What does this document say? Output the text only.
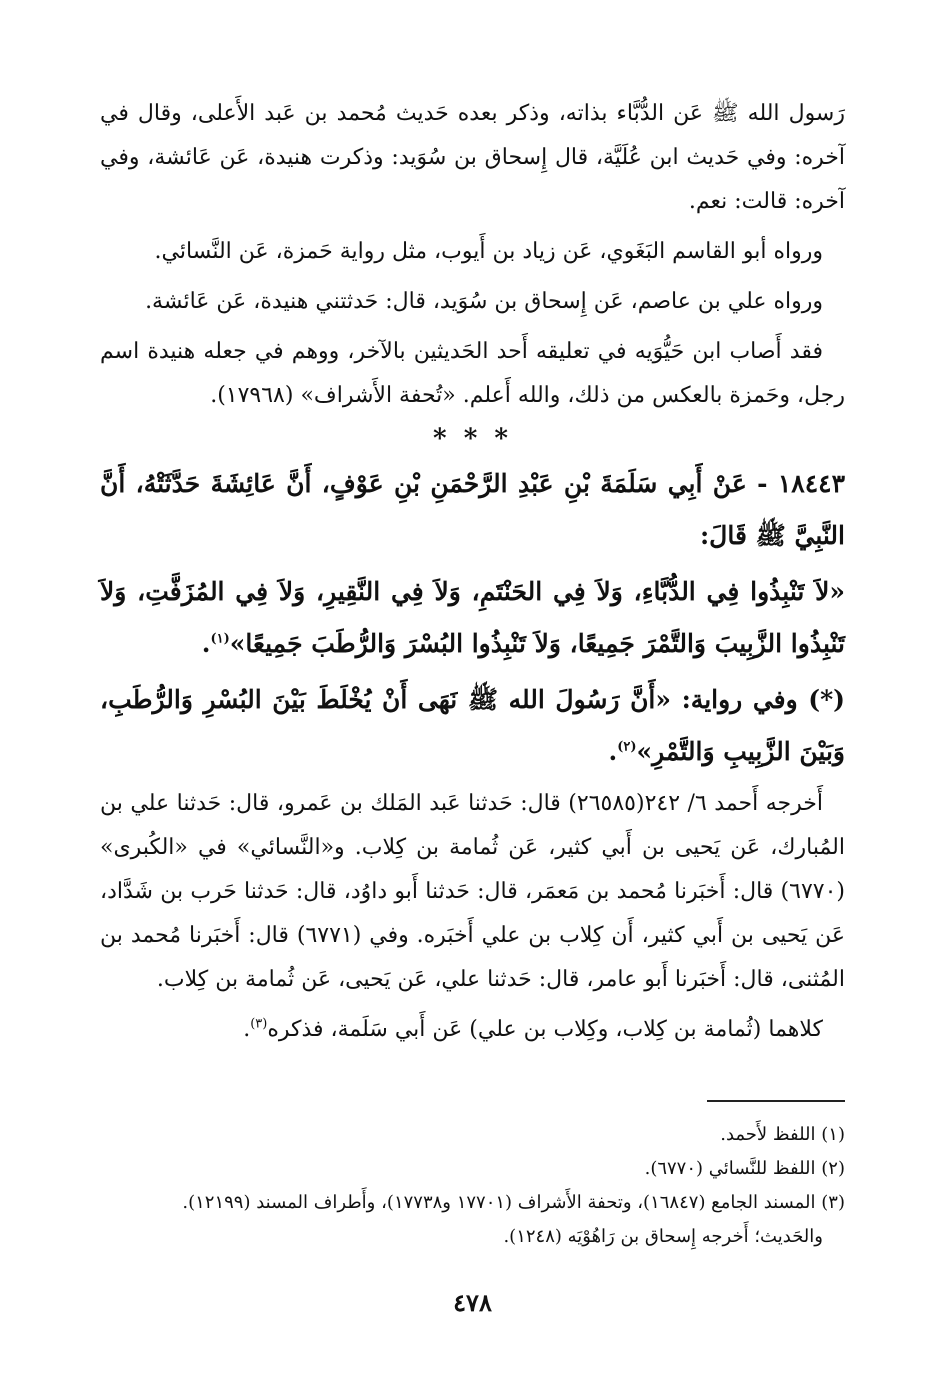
رَسول الله ﷺ عَن الدُّبَّاء بذاته، وذكر بعده حَديث مُحمد بن عَبد الأَعلى، وقال في آخره: وفي حَديث ابن عُلَيَّة، قال إِسحاق بن سُوَيد: وذكرت هنيدة، عَن عَائشة، وفي آخره: قالت: نعم.

ورواه أبو القاسم البَغَوي، عَن زياد بن أَيوب، مثل رواية حَمزة، عَن النَّسائي.

ورواه علي بن عاصم، عَن إِسحاق بن سُوَيد، قال: حَدثتني هنيدة، عَن عَائشة.

فقد أَصاب ابن حَيُّوَيه في تعليقه أَحد الحَديثين بالآخر، ووهم في جعله هنيدة اسم رجل، وحَمزة بالعكس من ذلك، والله أَعلم. «تُحفة الأَشراف» (١٧٩٦٨).

* * *

١٨٤٤٣ - عَنْ أَبِي سَلَمَةَ بْنِ عَبْدِ الرَّحْمَنِ بْنِ عَوْفٍ، أَنَّ عَائِشَةَ حَدَّثَتْهُ، أَنَّ النَّبِيَّ ﷺ قَالَ:

«لاَ تَنْبِذُوا فِي الدُّبَّاءِ، وَلاَ فِي الحَنْتَمِ، وَلاَ فِي النَّقِيرِ، وَلاَ فِي المُزَفَّتِ، وَلاَ تَنْبِذُوا الزَّبِيبَ وَالتَّمْرَ جَمِيعًا، وَلاَ تَنْبِذُوا البُسْرَ وَالرُّطَبَ جَمِيعًا»$^{(١)}$.

(*) وفي رواية: «أَنَّ رَسُولَ الله ﷺ نَهَى أَنْ يُخْلَطَ بَيْنَ البُسْرِ وَالرُّطَبِ، وَبَيْنَ الزَّبِيبِ وَالتَّمْرِ»$^{(٢)}$.

أَخرجه أَحمد ٦/ ٢٤٢(٢٦٥٨٥) قال: حَدثنا عَبد المَلك بن عَمرو، قال: حَدثنا علي بن المُبارك، عَن يَحيى بن أَبي كثير، عَن ثُمامة بن كِلاب. و«النَّسائي» في «الكُبرى» (٦٧٧٠) قال: أَخبَرنا مُحمد بن مَعمَر، قال: حَدثنا أَبو داوُد، قال: حَدثنا حَرب بن شَدَّاد، عَن يَحيى بن أَبي كثير، أَن كِلاب بن علي أَخبَره. وفي (٦٧٧١) قال: أَخبَرنا مُحمد بن المُثنى، قال: أَخبَرنا أَبو عامر، قال: حَدثنا علي، عَن يَحيى، عَن ثُمامة بن كِلاب.

كلاهما (ثُمامة بن كِلاب، وكِلاب بن علي) عَن أَبي سَلَمة، فذكره$^{(٣)}$.

(١) اللفظ لأَحمد.

(٢) اللفظ للنَّسائي (٦٧٧٠).

(٣) المسند الجامع (١٦٨٤٧)، وتحفة الأَشراف (١٧٧٠١ و١٧٧٣٨)، وأَطراف المسند (١٢١٩٩).

والحَديث؛ أَخرجه إِسحاق بن رَاهُوْيَه (١٢٤٨).

٤٧٨
